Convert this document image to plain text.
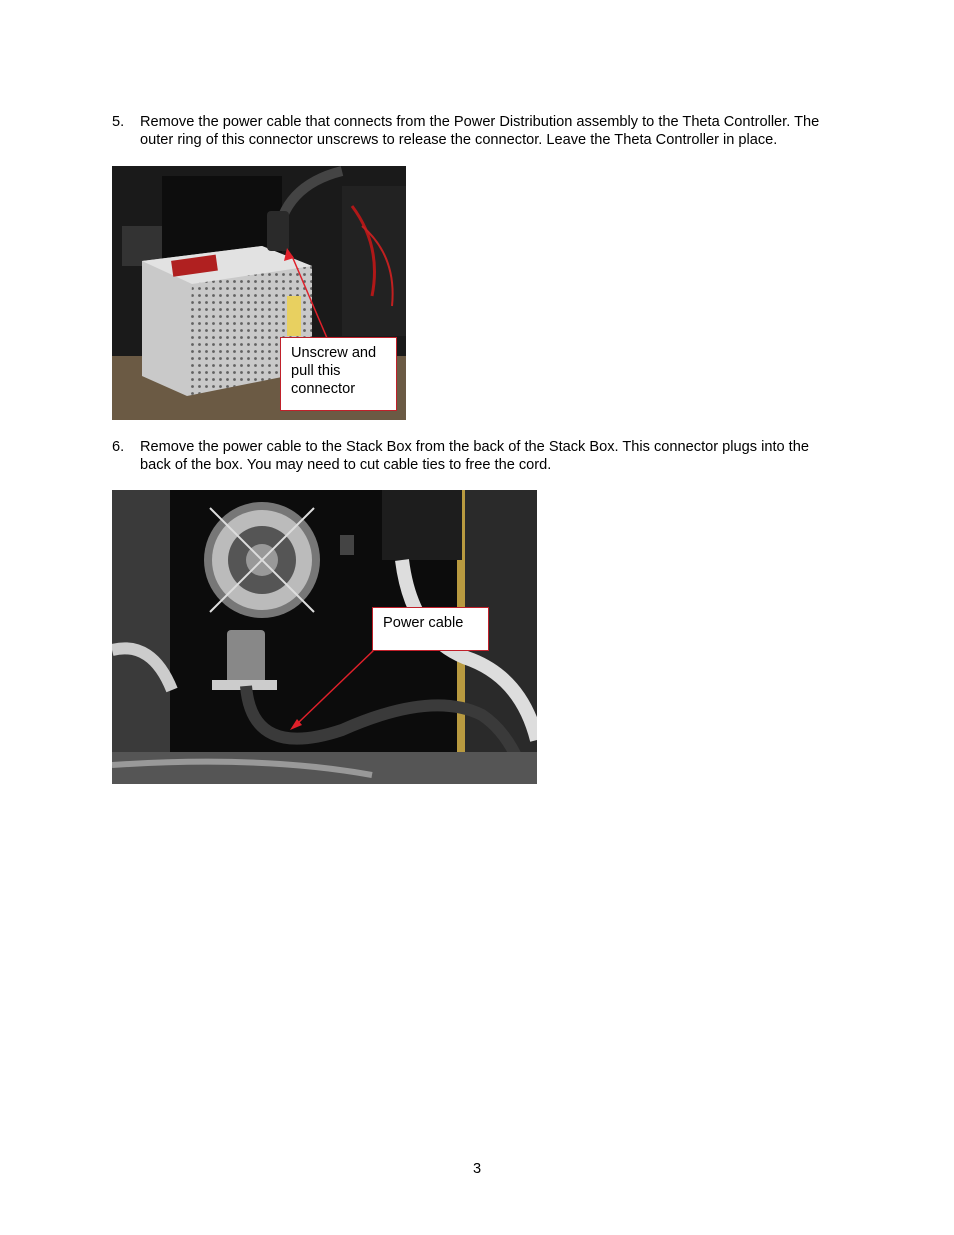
5. Remove the power cable that connects from the Power Distribution assembly to the Theta Controller. The outer ring of this connector unscrews to release the connector. Leave the Theta Controller in place.
Unscrew and
pull this
connector
6. Remove the power cable to the Stack Box from the back of the Stack Box. This connector plugs into the back of the box. You may need to cut cable ties to free the cord.
Power cable
3
